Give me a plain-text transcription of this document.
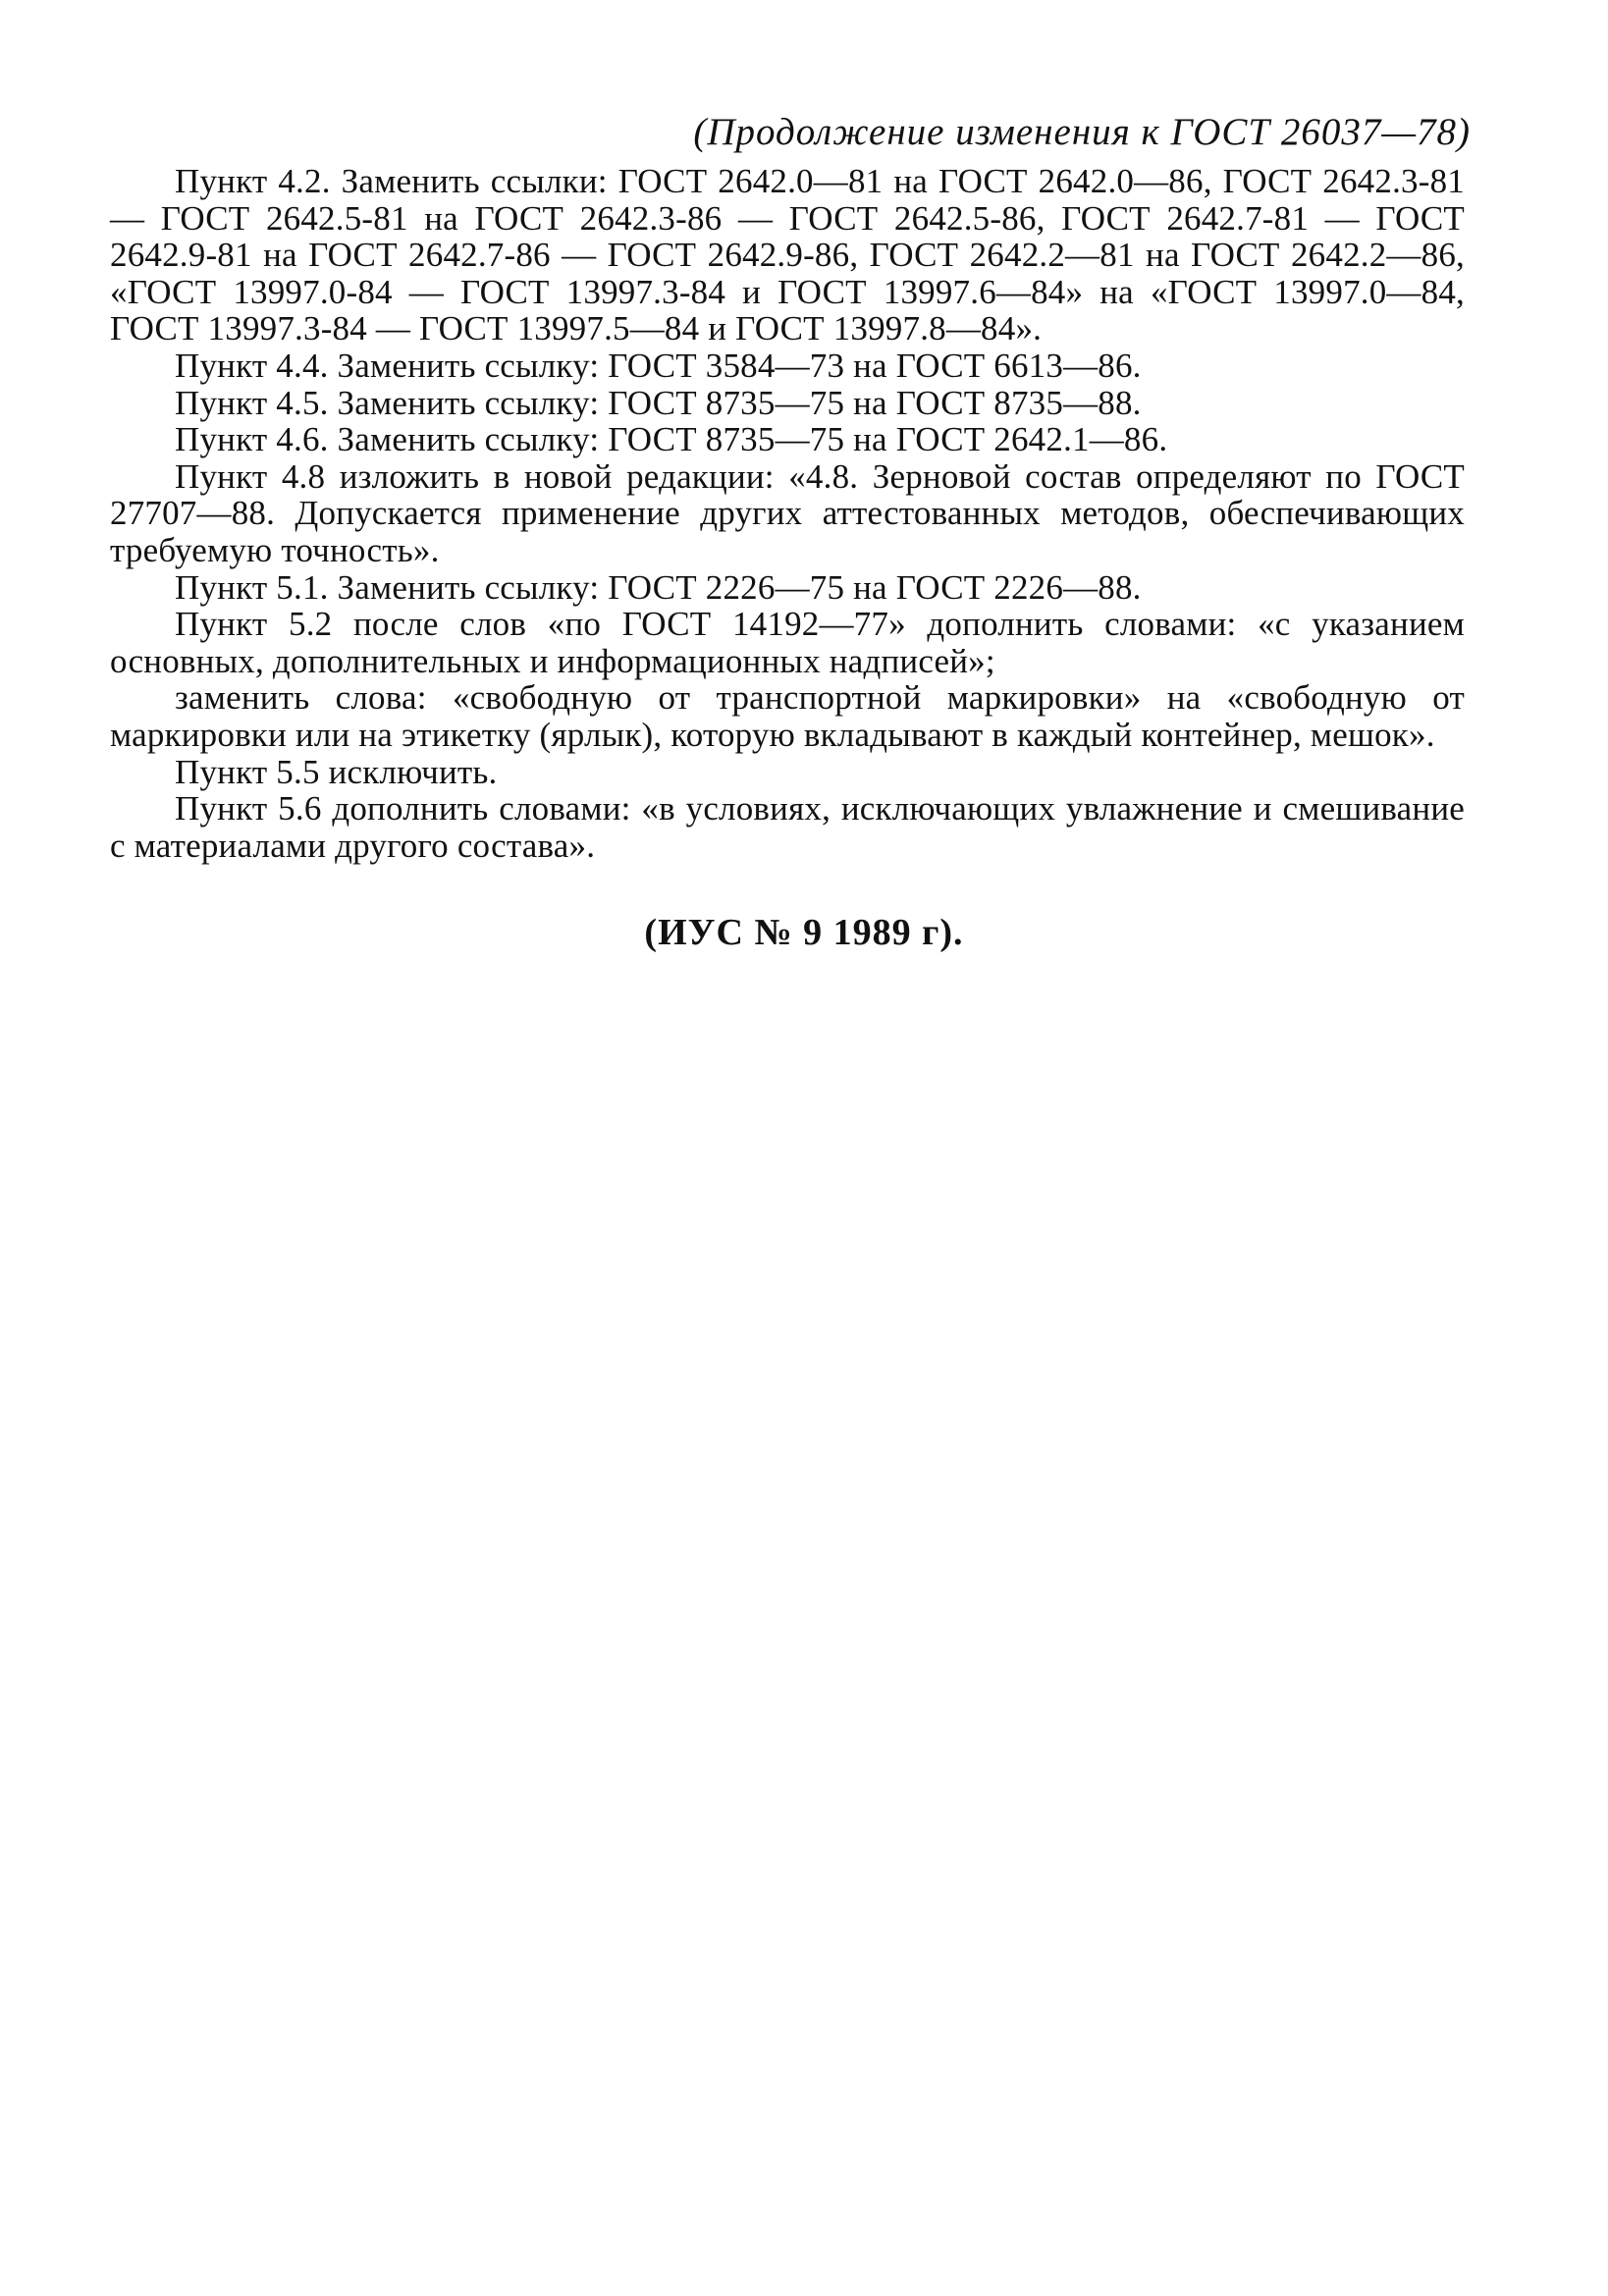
(Продолжение изменения к ГОСТ 26037—78)

Пункт 4.2. Заменить ссылки: ГОСТ 2642.0—81 на ГОСТ 2642.0—86, ГОСТ 2642.3-81 — ГОСТ 2642.5-81 на ГОСТ 2642.3-86 — ГОСТ 2642.5-86, ГОСТ 2642.7-81 — ГОСТ 2642.9-81 на ГОСТ 2642.7-86 — ГОСТ 2642.9-86, ГОСТ 2642.2—81 на ГОСТ 2642.2—86, «ГОСТ 13997.0-84 — ГОСТ 13997.3-84 и ГОСТ 13997.6—84» на «ГОСТ 13997.0—84, ГОСТ 13997.3-84 — ГОСТ 13997.5—84 и ГОСТ 13997.8—84».

Пункт 4.4. Заменить ссылку: ГОСТ 3584—73 на ГОСТ 6613—86.

Пункт 4.5. Заменить ссылку: ГОСТ 8735—75 на ГОСТ 8735—88.

Пункт 4.6. Заменить ссылку: ГОСТ 8735—75 на ГОСТ 2642.1—86.

Пункт 4.8 изложить в новой редакции: «4.8. Зерновой состав определяют по ГОСТ 27707—88. Допускается применение других аттестованных методов, обеспечивающих требуемую точность».

Пункт 5.1. Заменить ссылку: ГОСТ 2226—75 на ГОСТ 2226—88.

Пункт 5.2 после слов «по ГОСТ 14192—77» дополнить словами: «с указанием основных, дополнительных и информационных надписей»;

заменить слова: «свободную от транспортной маркировки» на «свободную от маркировки или на этикетку (ярлык), которую вкладывают в каждый контейнер, мешок».

Пункт 5.5 исключить.

Пункт 5.6 дополнить словами: «в условиях, исключающих увлажнение и смешивание с материалами другого состава».

(ИУС № 9 1989 г).
